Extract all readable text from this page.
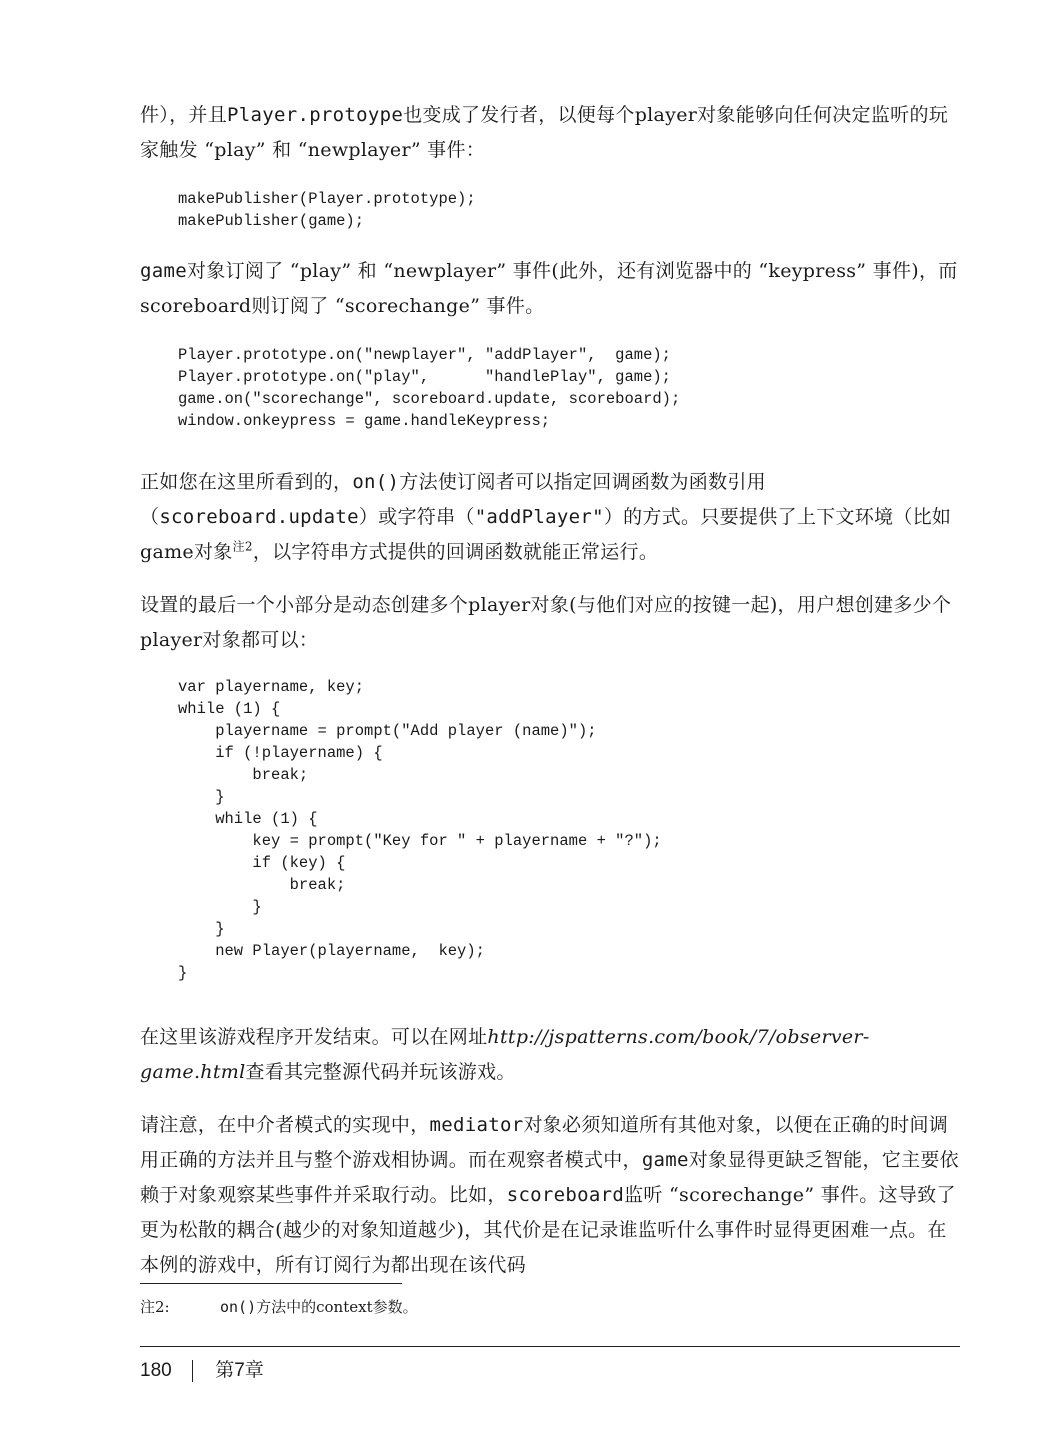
件），并且Player.protoype也变成了发行者，以便每个player对象能够向任何决定监听的玩家触发 “play” 和 “newplayer” 事件：

makePublisher(Player.prototype);
makePublisher(game);

game对象订阅了 “play” 和 “newplayer” 事件(此外，还有浏览器中的 “keypress” 事件)，而scoreboard则订阅了 “scorechange” 事件。

Player.prototype.on("newplayer", "addPlayer",  game);
Player.prototype.on("play",      "handlePlay", game);
game.on("scorechange", scoreboard.update, scoreboard);
window.onkeypress = game.handleKeypress;

正如您在这里所看到的，on()方法使订阅者可以指定回调函数为函数引用（scoreboard.update）或字符串（"addPlayer"）的方式。只要提供了上下文环境（比如game对象$^{注2}$，以字符串方式提供的回调函数就能正常运行。

设置的最后一个小部分是动态创建多个player对象(与他们对应的按键一起)，用户想创建多少个player对象都可以：

var playername, key;
while (1) {
playername = prompt("Add player (name)");
if (!playername) {
break;
}
while (1) {
key = prompt("Key for " + playername + "?");
if (key) {
break;
}
}
new Player(playername,  key);
}

在这里该游戏程序开发结束。可以在网址http://jspatterns.com/book/7/observer-game.html查看其完整源代码并玩该游戏。

请注意，在中介者模式的实现中，mediator对象必须知道所有其他对象，以便在正确的时间调用正确的方法并且与整个游戏相协调。而在观察者模式中，game对象显得更缺乏智能，它主要依赖于对象观察某些事件并采取行动。比如，scoreboard监听 “scorechange” 事件。这导致了更为松散的耦合(越少的对象知道越少)，其代价是在记录谁监听什么事件时显得更困难一点。在本例的游戏中，所有订阅行为都出现在该代码

注2:	on()方法中的context参数。
180 第7章
